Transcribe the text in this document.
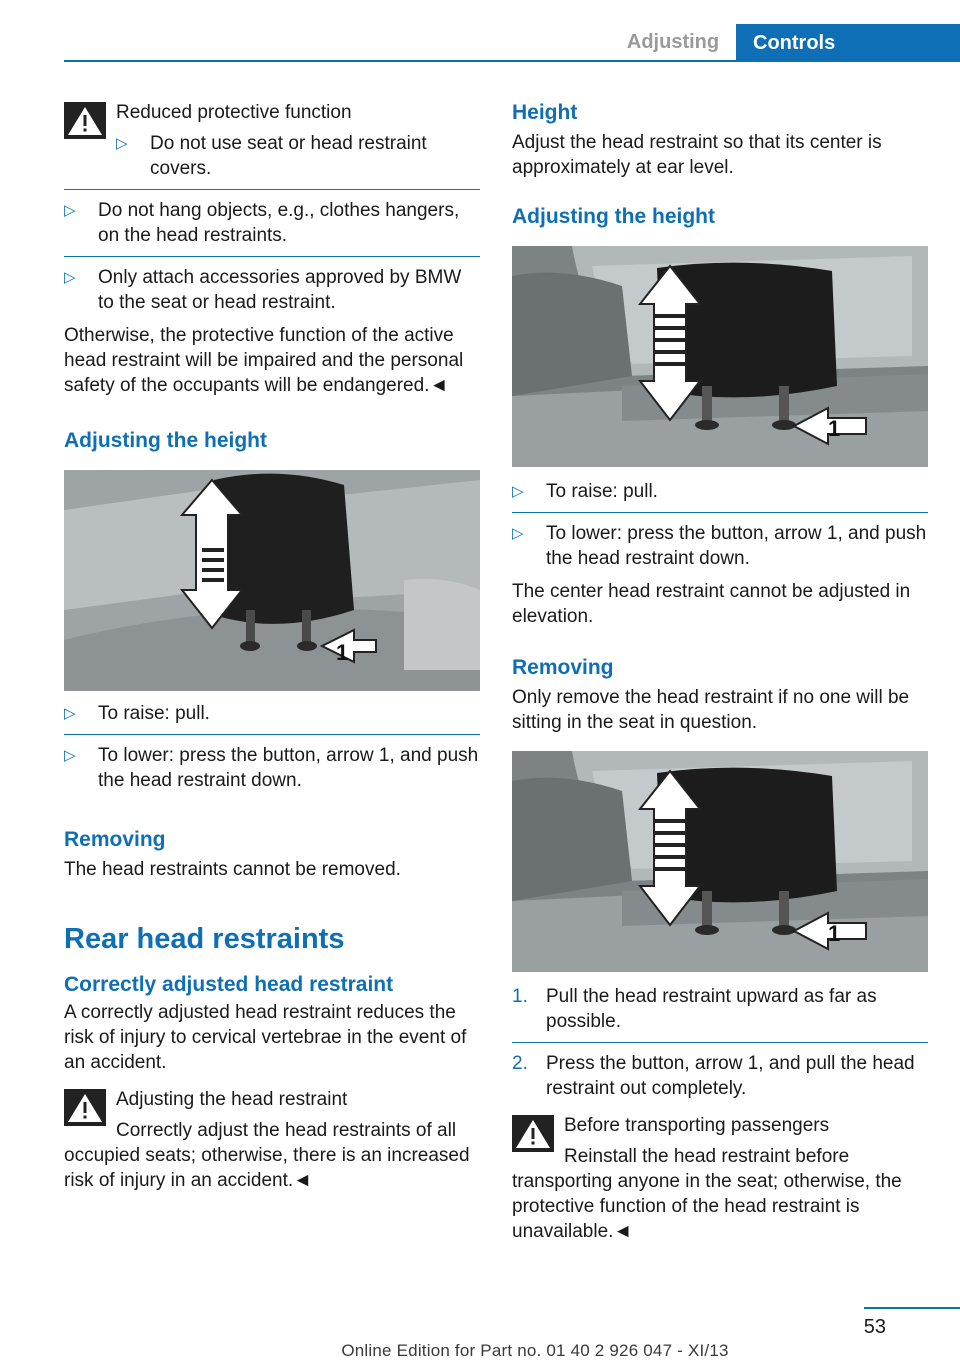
Adjusting	Controls
Reduced protective function
▷ Do not use seat or head restraint covers.
▷ Do not hang objects, e.g., clothes hangers, on the head restraints.
▷ Only attach accessories approved by BMW to the seat or head restraint.

Otherwise, the protective function of the active head restraint will be impaired and the personal safety of the occupants will be endangered.◄

Adjusting the height
1
▷ To raise: pull.
▷ To lower: press the button, arrow 1, and push the head restraint down.
Removing

The head restraints cannot be removed.

Rear head restraints
Correctly adjusted head restraint

A correctly adjusted head restraint reduces the risk of injury to cervical vertebrae in the event of an accident.

Adjusting the head restraint
Correctly adjust the head restraints of all occupied seats; otherwise, there is an increased risk of injury in an accident.◄
Height

Adjust the head restraint so that its center is approximately at ear level.

Adjusting the height
1
▷ To raise: pull.
▷ To lower: press the button, arrow 1, and push the head restraint down.

The center head restraint cannot be adjusted in elevation.

Removing

Only remove the head restraint if no one will be sitting in the seat in question.

1
1. Pull the head restraint upward as far as possible.
2. Press the button, arrow 1, and pull the head restraint out completely.
Before transporting passengers
Reinstall the head restraint before transporting anyone in the seat; otherwise, the protective function of the head restraint is unavailable.◄
53
Online Edition for Part no. 01 40 2 926 047 - XI/13
